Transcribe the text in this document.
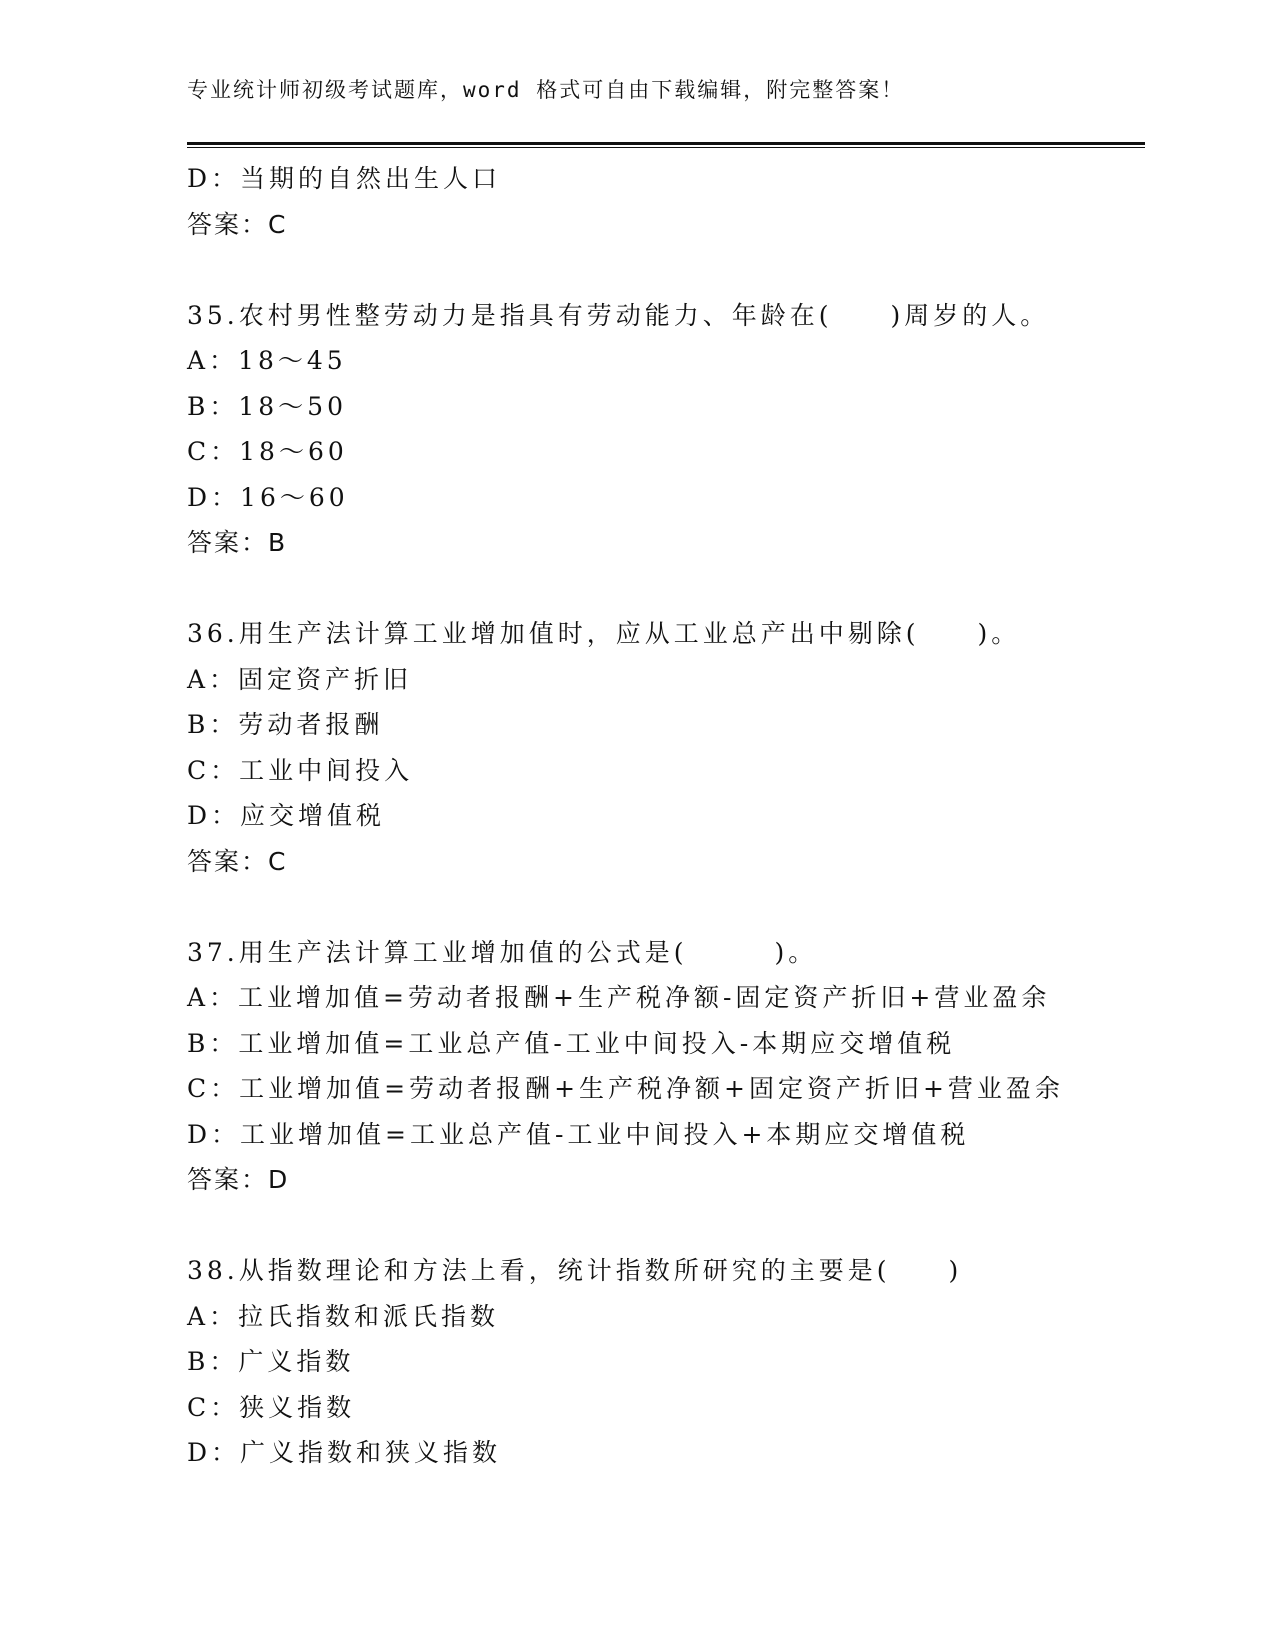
专业统计师初级考试题库，word 格式可自由下载编辑，附完整答案！
D：当期的自然出生人口
答案：C
35.农村男性整劳动力是指具有劳动能力、年龄在(　　)周岁的人。
A：18～45
B：18～50
C：18～60
D：16～60
答案：B
36.用生产法计算工业增加值时，应从工业总产出中剔除(　　)。
A：固定资产折旧
B：劳动者报酬
C：工业中间投入
D：应交增值税
答案：C
37.用生产法计算工业增加值的公式是(　　　)。
A：工业增加值=劳动者报酬+生产税净额-固定资产折旧+营业盈余
B：工业增加值=工业总产值-工业中间投入-本期应交增值税
C：工业增加值=劳动者报酬+生产税净额+固定资产折旧+营业盈余
D：工业增加值=工业总产值-工业中间投入+本期应交增值税
答案：D
38.从指数理论和方法上看，统计指数所研究的主要是(　　)
A：拉氏指数和派氏指数
B：广义指数
C：狭义指数
D：广义指数和狭义指数
